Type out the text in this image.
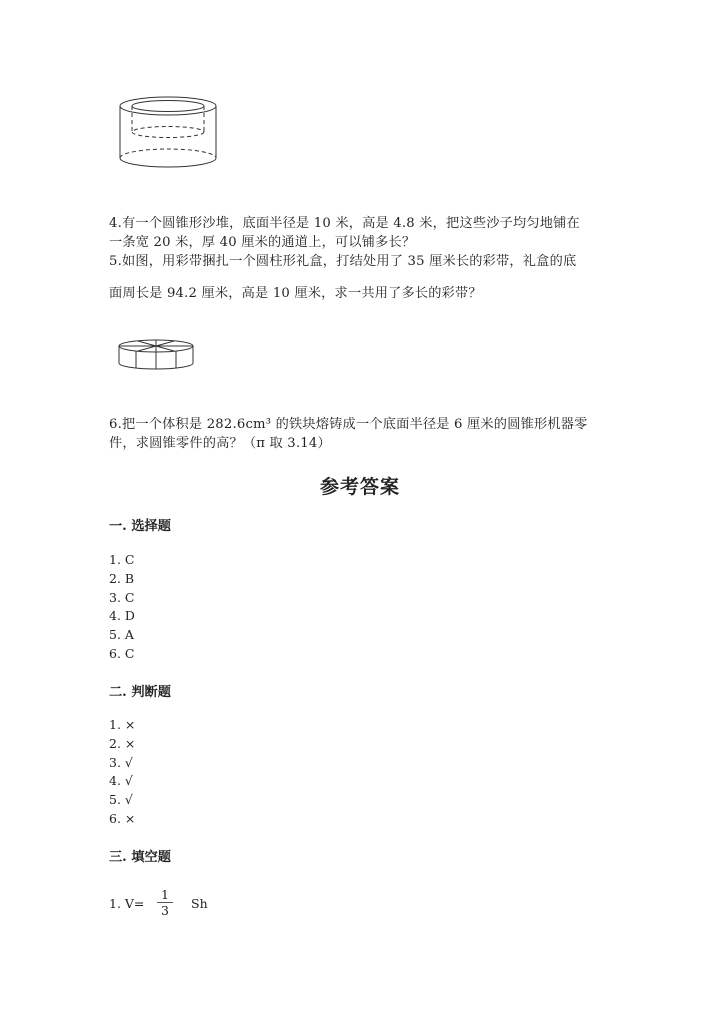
4.有一个圆锥形沙堆，底面半径是 10 米，高是 4.8 米，把这些沙子均匀地铺在
一条宽 20 米，厚 40 厘米的通道上，可以铺多长？
5.如图，用彩带捆扎一个圆柱形礼盒，打结处用了 35 厘米长的彩带，礼盒的底
面周长是 94.2 厘米，高是 10 厘米，求一共用了多长的彩带？
6.把一个体积是 282.6cm³ 的铁块熔铸成一个底面半径是 6 厘米的圆锥形机器零
件，求圆锥零件的高？（π 取 3.14）
参考答案
一. 选择题
1. C
2. B
3. C
4. D
5. A
6. C
二. 判断题
1. ×
2. ×
3. √
4. √
5. √
6. ×
三. 填空题
1. $V= \frac{1}{3}$ Sh
